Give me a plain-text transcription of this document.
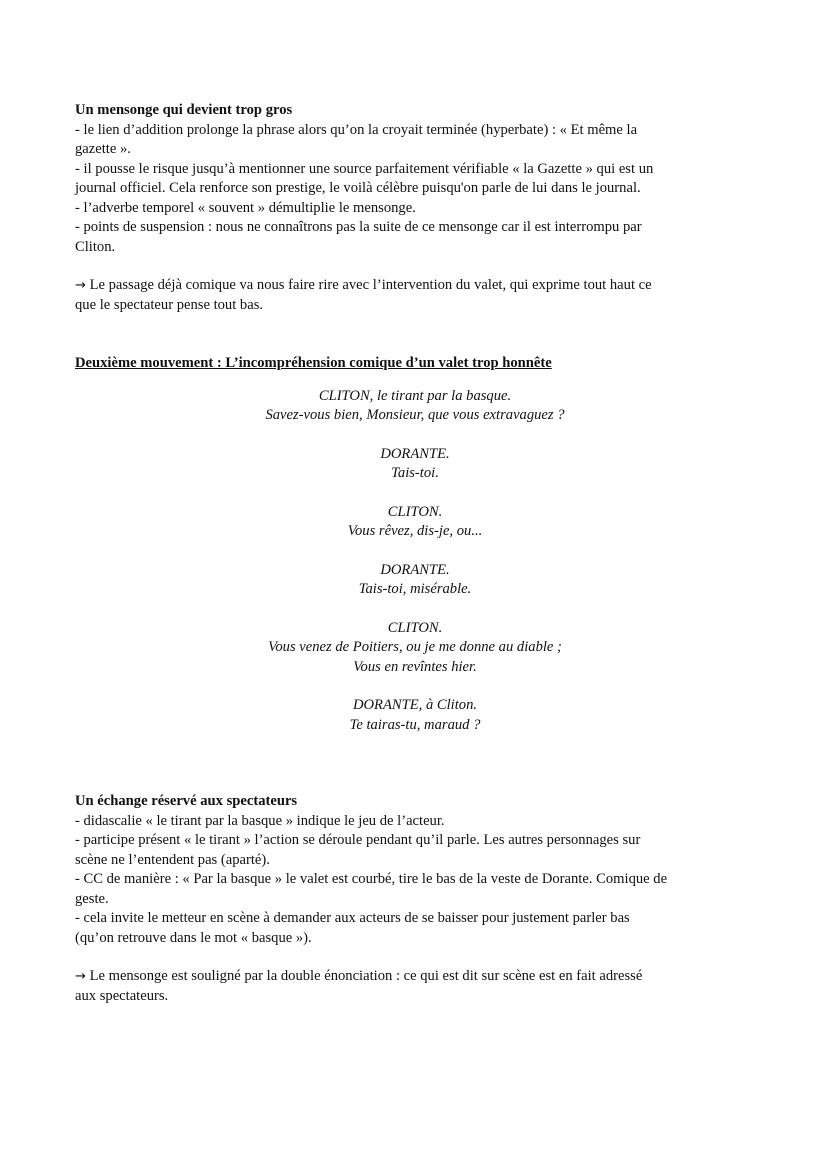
Un mensonge qui devient trop gros

- le lien d’addition prolonge la phrase alors qu’on la croyait terminée (hyperbate) : « Et même la

gazette ».

- il pousse le risque jusqu’à mentionner une source parfaitement vérifiable « la Gazette » qui est un

journal officiel. Cela renforce son prestige, le voilà célèbre puisqu'on parle de lui dans le journal.

- l’adverbe temporel « souvent » démultiplie le mensonge.

- points de suspension : nous ne connaîtrons pas la suite de ce mensonge car il est interrompu par

Cliton.

→ Le passage déjà comique va nous faire rire avec l’intervention du valet, qui exprime tout haut ce

que le spectateur pense tout bas.

Deuxième mouvement : L’incompréhension comique d’un valet trop honnête

CLITON, le tirant par la basque.
Savez-vous bien, Monsieur, que vous extravaguez ?
DORANTE.
Tais-toi.
CLITON.
Vous rêvez, dis-je, ou...
DORANTE.
Tais-toi, misérable.
CLITON.
Vous venez de Poitiers, ou je me donne au diable ;
Vous en revîntes hier.
DORANTE, à Cliton.
Te tairas-tu, maraud ?

Un échange réservé aux spectateurs

- didascalie « le tirant par la basque » indique le jeu de l’acteur.

- participe présent « le tirant » l’action se déroule pendant qu’il parle. Les autres personnages sur

scène ne l’entendent pas (aparté).

- CC de manière : « Par la basque » le valet est courbé, tire le bas de la veste de Dorante. Comique de

geste.

- cela invite le metteur en scène à demander aux acteurs de se baisser pour justement parler bas

(qu’on retrouve dans le mot « basque »).

→ Le mensonge est souligné par la double énonciation : ce qui est dit sur scène est en fait adressé

aux spectateurs.
